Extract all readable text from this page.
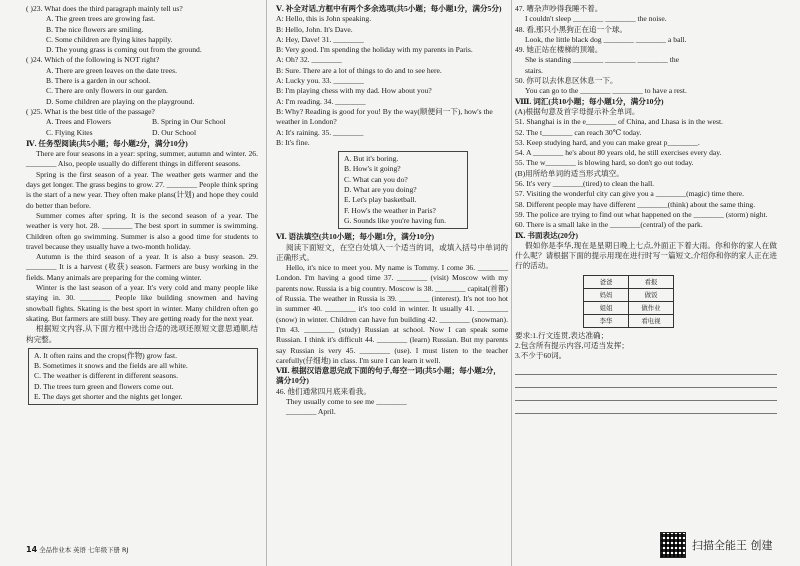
( )23. What does the third paragraph mainly tell us?

A. The green trees are growing fast.

B. The nice flowers are smiling.

C. Some children are flying kites happily.

D. The young grass is coming out from the ground.

( )24. Which of the following is NOT right?

A. There are green leaves on the date trees.

B. There is a garden in our school.

C. There are only flowers in our garden.

D. Some children are playing on the playground.

( )25. What is the best title of the passage?

A. Trees and Flowers	B. Spring in Our School
C. Flying Kites	D. Our School

Ⅳ. 任务型阅读(共5小题；每小题2分，满分10分)

There are four seasons in a year: spring, summer, autumn and winter. 26. ________ Also, people usually do different things in different seasons.

Spring is the first season of a year. The weather gets warmer and the days get longer. The grass begins to grow. 27. ________ People think spring is the start of a new year. They often make plans(计划) and hope they could do better than before.

Summer comes after spring. It is the second season of a year. The weather is very hot. 28. ________ The best sport in summer is swimming. Children often go swimming. Summer is also a good time for students to travel because they usually have a two-month holiday.

Autumn is the third season of a year. It is also a busy season. 29. ________ It is a harvest (收获) season. Farmers are busy working in the fields. Many animals are preparing for the coming winter.

Winter is the last season of a year. It's very cold and many people like staying in. 30. ________ People like building snowmen and having snowball fights. Skating is the best sport in winter. Many children often go skating. But farmers are still busy. They are getting ready for the next year.

根据短文内容,从下面方框中选出合适的选项还原短文意思通顺,结构完整。

A. It often rains and the crops(作物) grow fast.

B. Sometimes it snows and the fields are all white.

C. The weather is different in different seasons.

D. The trees turn green and flowers come out.

E. The days get shorter and the nights get longer.

Ⅴ. 补全对话,方框中有两个多余选项(共5小题；每小题1分，满分5分)

A: Hello, this is John speaking.

B: Hello, John. It's Dave.

A: Hey, Dave! 31. ________

B: Very good. I'm spending the holiday with my parents in Paris.

A: Oh? 32. ________

B: Sure. There are a lot of things to do and to see here.

A: Lucky you. 33. ________

B: I'm playing chess with my dad. How about you?

A: I'm reading. 34. ________

B: Why? Reading is good for you! By the way(顺便问一下), how's the weather in London?

A: It's raining. 35. ________

B: It's fine.

A. But it's boring.

B. How's it going?

C. What can you do?

D. What are you doing?

E. Let's play basketball.

F. How's the weather in Paris?

G. Sounds like you're having fun.

Ⅵ. 语法填空(共10小题；每小题1分，满分10分)

阅读下面短文，在空白处填入一个适当的词，或填入括号中单词的正确形式。

Hello, it's nice to meet you. My name is Tommy. I come 36. ________ London. I'm having a good time 37. ________ (visit) Moscow with my parents now. Russia is a big country. Moscow is 38. ________ capital(首都) of Russia. The weather in Russia is 39. ________ (interest). It's not too hot in summer 40. ________ it's too cold in winter. It usually 41. ________ (snow) in winter. Children can have fun building 42. ________ (snowman). I'm 43. ________ (study) Russian at school. Now I can speak some Russian. I think it's difficult 44. ________ (learn) Russian. But my parents say Russian is very 45. ________ (use). I must listen to the teacher carefully(仔细地) in class. I'm sure I can learn it well.

Ⅶ. 根据汉语意思完成下面的句子,每空一词(共5小题；每小题2分，满分10分)

46. 他们通常四月底来看我。

They usually come to see me ________

________ April.

47. 嘈杂声吵得我睡不着。

I couldn't sleep ________ ________ the noise.

48. 看,那只小黑狗正在追一个球。

Look, the little black dog ________ ________ a ball.

49. 她正站在楼梯的顶端。

She is standing ________ ________ ________ the

stairs.

50. 你可以去休息区休息一下。

You can go to the ________ ________ to have a rest.

Ⅷ. 词汇(共10小题；每小题1分，满分10分)

(A)根据句意及首字母提示补全单词。

51. Shanghai is in the e________ of China, and Lhasa is in the west.

52. The t________ can reach 30℃ today.

53. Keep studying hard, and you can make great p________.

54. A ________ he's about 80 years old, he still exercises every day.

55. The w________ is blowing hard, so don't go out today.

(B)用所给单词的适当形式填空。

56. It's very ________(tired) to clean the hall.

57. Visiting the wonderful city can give you a ________(magic) time there.

58. Different people may have different ________(think) about the same thing.

59. The police are trying to find out what happened on the ________ (storm) night.

60. There is a small lake in the ________(central) of the park.

Ⅸ. 书面表达(20分)

假如你是李华,现在是星期日晚上七点,外面正下着大雨。你和你的家人在做什么呢？请根据下面的提示用现在进行时写一篇短文,介绍你和你的家人正在进行的活动。

爸爸	看报
妈妈	做饭
姐姐	做作业
李华	看电视

要求:1.行文连贯,表达准确；

2.包含所有提示内容,可适当发挥；

3.不少于60词。

14 全品作业本 英语 七年级下册 RJ	扫描全能王 创建
